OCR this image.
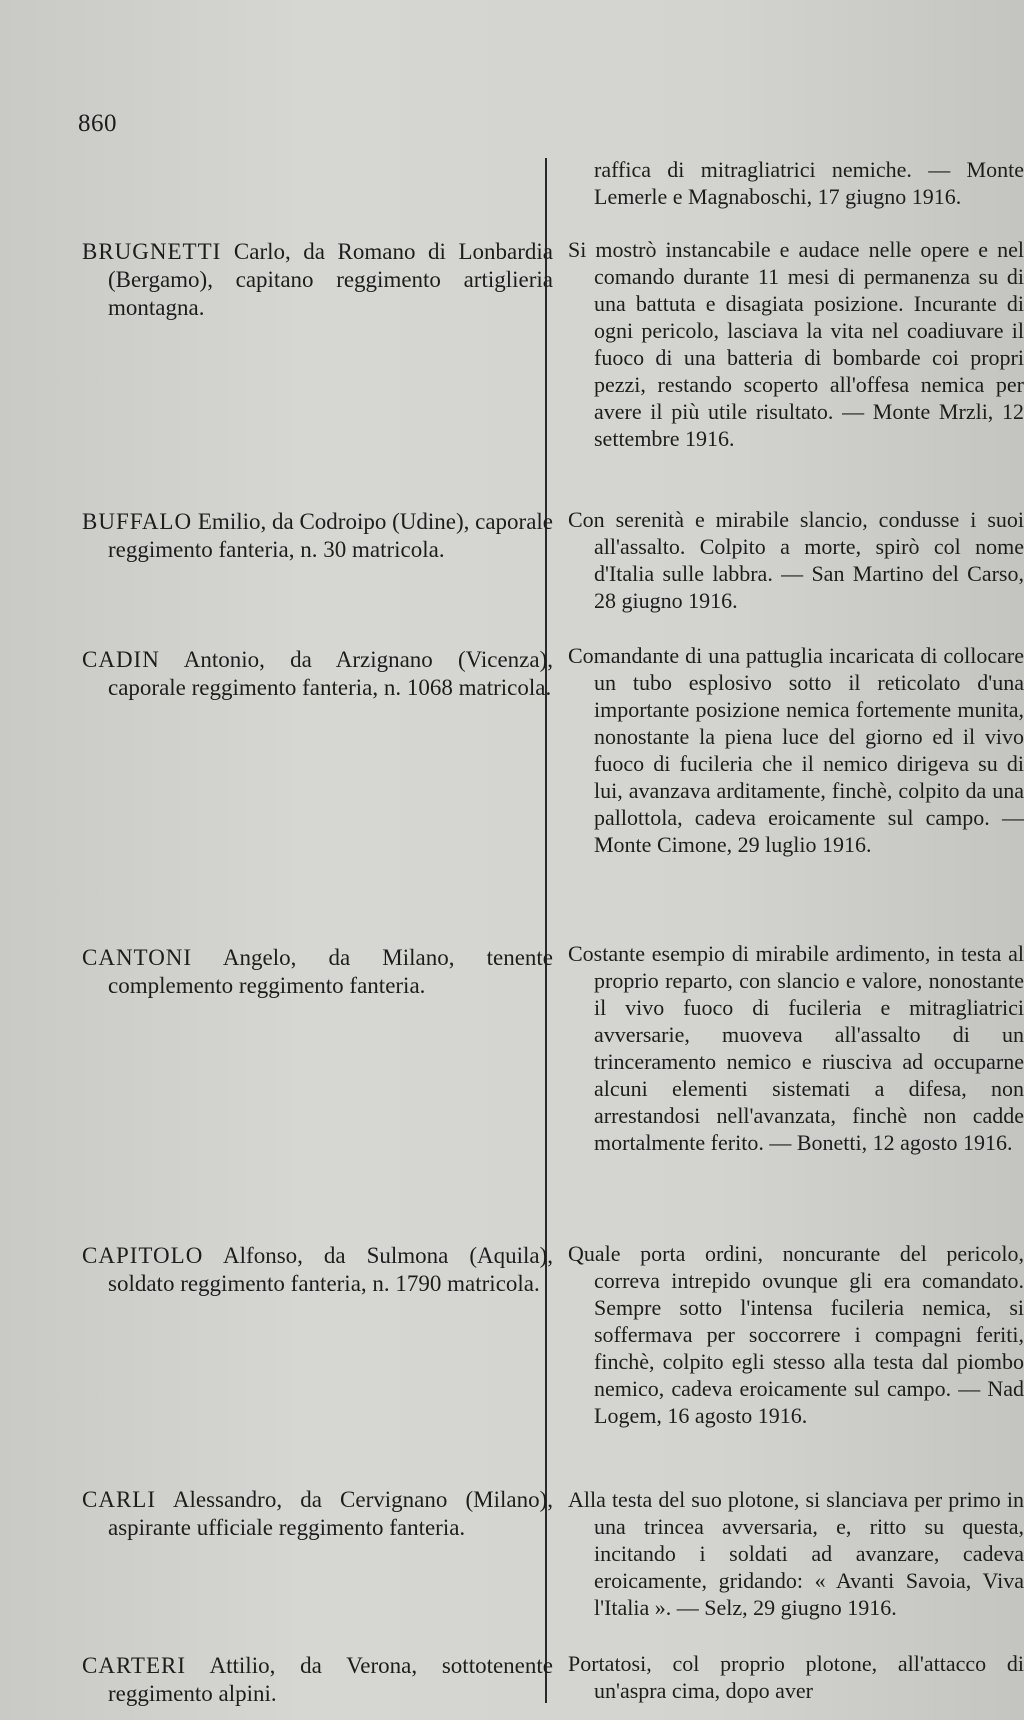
860
BRUGNETTI Carlo, da Romano di Lonbardia (Bergamo), capitano reggimento artiglieria montagna.
BUFFALO Emilio, da Codroipo (Udine), caporale reggimento fanteria, n. 30 matricola.
CADIN Antonio, da Arzignano (Vicenza), caporale reggimento fanteria, n. 1068 matricola.
CANTONI Angelo, da Milano, tenente complemento reggimento fanteria.
CAPITOLO Alfonso, da Sulmona (Aquila), soldato reggimento fanteria, n. 1790 matricola.
CARLI Alessandro, da Cervignano (Milano), aspirante ufficiale reggimento fanteria.
CARTERI Attilio, da Verona, sottotenente reggimento alpini.
raffica di mitragliatrici nemiche. — Monte Lemerle e Magnaboschi, 17 giugno 1916.
Si mostrò instancabile e audace nelle opere e nel comando durante 11 mesi di permanenza su di una battuta e disagiata posizione. Incurante di ogni pericolo, lasciava la vita nel coadiuvare il fuoco di una batteria di bombarde coi propri pezzi, restando scoperto all'offesa nemica per avere il più utile risultato. — Monte Mrzli, 12 settembre 1916.
Con serenità e mirabile slancio, condusse i suoi all'assalto. Colpito a morte, spirò col nome d'Italia sulle labbra. — San Martino del Carso, 28 giugno 1916.
Comandante di una pattuglia incaricata di collocare un tubo esplosivo sotto il reticolato d'una importante posizione nemica fortemente munita, nonostante la piena luce del giorno ed il vivo fuoco di fucileria che il nemico dirigeva su di lui, avanzava arditamente, finchè, colpito da una pallottola, cadeva eroicamente sul campo. — Monte Cimone, 29 luglio 1916.
Costante esempio di mirabile ardimento, in testa al proprio reparto, con slancio e valore, nonostante il vivo fuoco di fucileria e mitragliatrici avversarie, muoveva all'assalto di un trinceramento nemico e riusciva ad occuparne alcuni elementi sistemati a difesa, non arrestandosi nell'avanzata, finchè non cadde mortalmente ferito. — Bonetti, 12 agosto 1916.
Quale porta ordini, noncurante del pericolo, correva intrepido ovunque gli era comandato. Sempre sotto l'intensa fucileria nemica, si soffermava per soccorrere i compagni feriti, finchè, colpito egli stesso alla testa dal piombo nemico, cadeva eroicamente sul campo. — Nad Logem, 16 agosto 1916.
Alla testa del suo plotone, si slanciava per primo in una trincea avversaria, e, ritto su questa, incitando i soldati ad avanzare, cadeva eroicamente, gridando: « Avanti Savoia, Viva l'Italia ». — Selz, 29 giugno 1916.
Portatosi, col proprio plotone, all'attacco di un'aspra cima, dopo aver
